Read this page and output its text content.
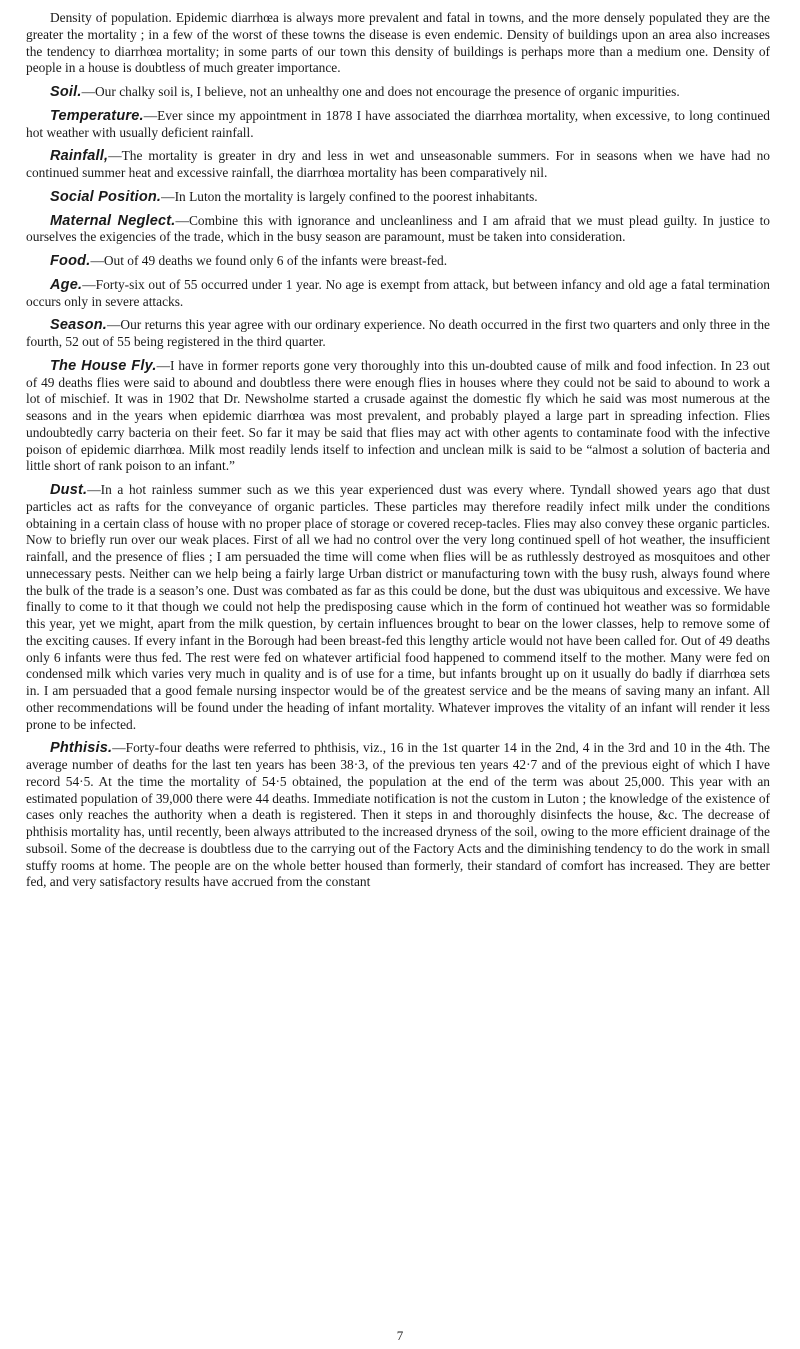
Density of population. Epidemic diarrhœa is always more prevalent and fatal in towns, and the more densely populated they are the greater the mortality ; in a few of the worst of these towns the disease is even endemic. Density of buildings upon an area also increases the tendency to diarrhœa mortality; in some parts of our town this density of buildings is perhaps more than a medium one. Density of people in a house is doubtless of much greater importance.

Soil.—Our chalky soil is, I believe, not an unhealthy one and does not encourage the presence of organic impurities.

Temperature.—Ever since my appointment in 1878 I have associated the diarrhœa mortality, when excessive, to long continued hot weather with usually deficient rainfall.

Rainfall,—The mortality is greater in dry and less in wet and unseasonable summers. For in seasons when we have had no continued summer heat and excessive rainfall, the diarrhœa mortality has been comparatively nil.

Social Position.—In Luton the mortality is largely confined to the poorest inhabitants.

Maternal Neglect.—Combine this with ignorance and uncleanliness and I am afraid that we must plead guilty. In justice to ourselves the exigencies of the trade, which in the busy season are paramount, must be taken into consideration.

Food.—Out of 49 deaths we found only 6 of the infants were breast-fed.

Age.—Forty-six out of 55 occurred under 1 year. No age is exempt from attack, but between infancy and old age a fatal termination occurs only in severe attacks.

Season.—Our returns this year agree with our ordinary experience. No death occurred in the first two quarters and only three in the fourth, 52 out of 55 being registered in the third quarter.

The House Fly.—I have in former reports gone very thoroughly into this un-doubted cause of milk and food infection. In 23 out of 49 deaths flies were said to abound and doubtless there were enough flies in houses where they could not be said to abound to work a lot of mischief. It was in 1902 that Dr. Newsholme started a crusade against the domestic fly which he said was most numerous at the seasons and in the years when epidemic diarrhœa was most prevalent, and probably played a large part in spreading infection. Flies undoubtedly carry bacteria on their feet. So far it may be said that flies may act with other agents to contaminate food with the infective poison of epidemic diarrhœa. Milk most readily lends itself to infection and unclean milk is said to be “almost a solution of bacteria and little short of rank poison to an infant.”

Dust.—In a hot rainless summer such as we this year experienced dust was every where. Tyndall showed years ago that dust particles act as rafts for the conveyance of organic particles. These particles may therefore readily infect milk under the conditions obtaining in a certain class of house with no proper place of storage or covered recep-tacles. Flies may also convey these organic particles. Now to briefly run over our weak places. First of all we had no control over the very long continued spell of hot weather, the insufficient rainfall, and the presence of flies ; I am persuaded the time will come when flies will be as ruthlessly destroyed as mosquitoes and other unnecessary pests. Neither can we help being a fairly large Urban district or manufacturing town with the busy rush, always found where the bulk of the trade is a season’s one. Dust was combated as far as this could be done, but the dust was ubiquitous and excessive. We have finally to come to it that though we could not help the predisposing cause which in the form of continued hot weather was so formidable this year, yet we might, apart from the milk question, by certain influences brought to bear on the lower classes, help to remove some of the exciting causes. If every infant in the Borough had been breast-fed this lengthy article would not have been called for. Out of 49 deaths only 6 infants were thus fed. The rest were fed on whatever artificial food happened to commend itself to the mother. Many were fed on condensed milk which varies very much in quality and is of use for a time, but infants brought up on it usually do badly if diarrhœa sets in. I am persuaded that a good female nursing inspector would be of the greatest service and be the means of saving many an infant. All other recommendations will be found under the heading of infant mortality. Whatever improves the vitality of an infant will render it less prone to be infected.

Phthisis.—Forty-four deaths were referred to phthisis, viz., 16 in the 1st quarter 14 in the 2nd, 4 in the 3rd and 10 in the 4th. The average number of deaths for the last ten years has been 38·3, of the previous ten years 42·7 and of the previous eight of which I have record 54·5. At the time the mortality of 54·5 obtained, the population at the end of the term was about 25,000. This year with an estimated population of 39,000 there were 44 deaths. Immediate notification is not the custom in Luton ; the knowledge of the existence of cases only reaches the authority when a death is registered. Then it steps in and thoroughly disinfects the house, &c. The decrease of phthisis mortality has, until recently, been always attributed to the increased dryness of the soil, owing to the more efficient drainage of the subsoil. Some of the decrease is doubtless due to the carrying out of the Factory Acts and the diminishing tendency to do the work in small stuffy rooms at home. The people are on the whole better housed than formerly, their standard of comfort has increased. They are better fed, and very satisfactory results have accrued from the constant

7
